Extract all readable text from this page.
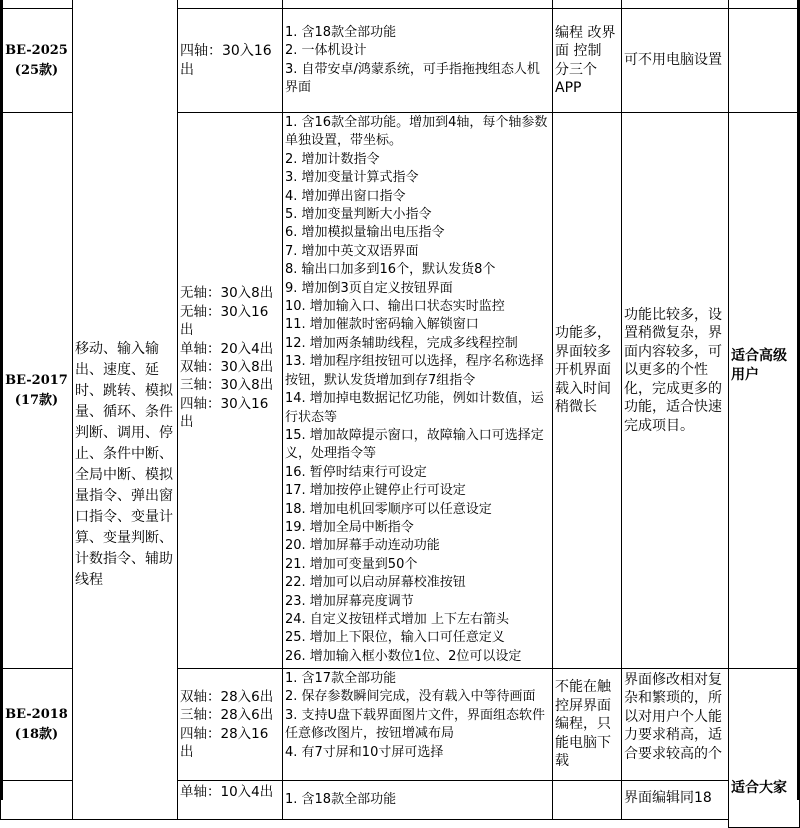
移动、输入输出、速度、延时、跳转、模拟量、循环、条件判断、调用、停止、条件中断、全局中断、模拟量指令、弹出窗口指令、变量计算、变量判断、计数指令、辅助线程
BE-2025
(25款)
四轴：30入16出
1. 含18款全部功能
2. 一体机设计
3. 自带安卓/鸿蒙系统，可手指拖拽组态人机界面
编程 改界面 控制 分三个APP
可不用电脑设置
BE-2017
(17款)
无轴：30入8出
无轴：30入16出
单轴：20入4出
双轴：30入8出
三轴：30入8出
四轴：30入16出
1. 含16款全部功能。增加到4轴，每个轴参数单独设置，带坐标。
2. 增加计数指令
3. 增加变量计算式指令
4. 增加弹出窗口指令
5. 增加变量判断大小指令
6. 增加模拟量输出电压指令
7. 增加中英文双语界面
8. 输出口加多到16个，默认发货8个
9. 增加倒3页自定义按钮界面
10. 增加输入口、输出口状态实时监控
11. 增加催款时密码输入解锁窗口
12. 增加两条辅助线程，完成多线程控制
13. 增加程序组按钮可以选择，程序名称选择按钮，默认发货增加到存7组指令
14. 增加掉电数据记忆功能，例如计数值，运行状态等
15. 增加故障提示窗口，故障输入口可选择定义，处理指令等
16. 暂停时结束行可设定
17. 增加按停止键停止行可设定
18. 增加电机回零顺序可以任意设定
19. 增加全局中断指令
20. 增加屏幕手动连动功能
21. 增加可变量到50个
22. 增加可以启动屏幕校准按钮
23. 增加屏幕亮度调节
24. 自定义按钮样式增加 上下左右箭头
25. 增加上下限位，输入口可任意定义
26. 增加输入框小数位1位、2位可以设定
功能多，界面较多开机界面载入时间稍微长
功能比较多，设置稍微复杂，界面内容较多，可以更多的个性化，完成更多的功能，适合快速完成项目。
适合高级用户
BE-2018
(18款)
双轴：28入6出
三轴：28入6出
四轴：28入16出
1. 含17款全部功能
2. 保存参数瞬间完成，没有载入中等待画面
3. 支持U盘下载界面图片文件，界面组态软件任意修改图片，按钮增减布局
4. 有7寸屏和10寸屏可选择
不能在触控屏界面编程，只能电脑下载
界面修改相对复杂和繁琐的，所以对用户个人能力要求稍高，适合要求较高的个
适合大家
单轴：10入4出 1. 含18款全部功能	界面编辑同18
